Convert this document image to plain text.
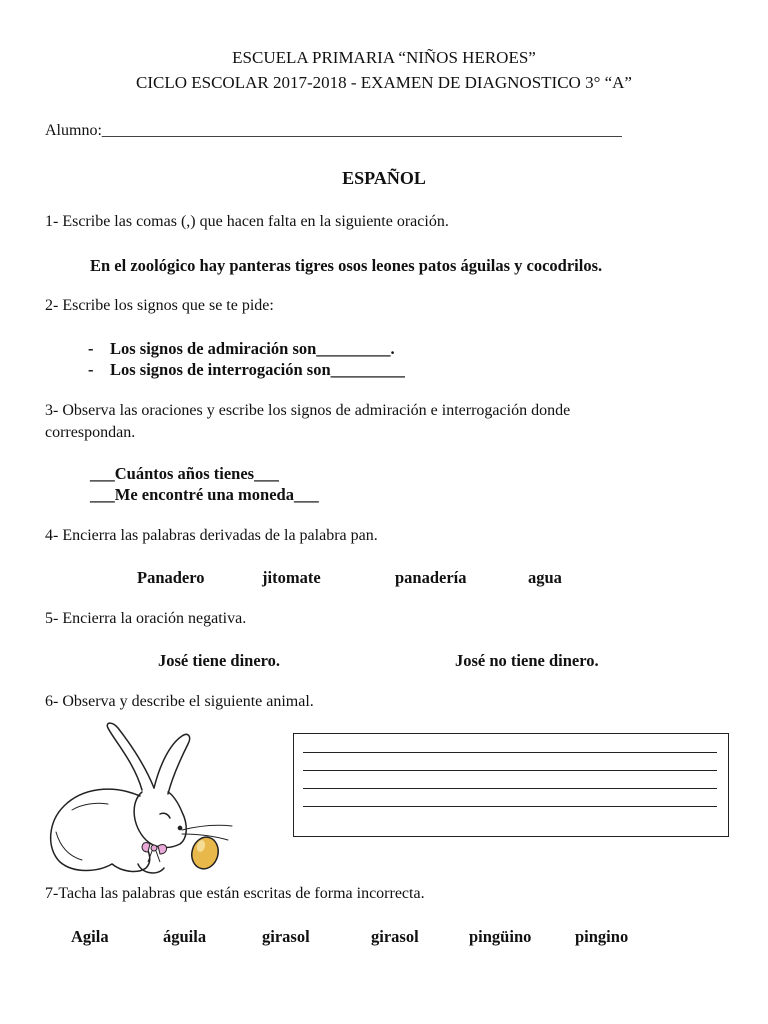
ESCUELA PRIMARIA “NIÑOS HEROES”
CICLO ESCOLAR 2017-2018 - EXAMEN DE DIAGNOSTICO 3° “A”
Alumno:_________________________________________________________________
ESPAÑOL
1- Escribe las comas (,) que hacen falta en la siguiente oración.
En el zoológico hay panteras tigres osos leones patos águilas y cocodrilos.
2- Escribe los signos que se te pide:
-    Los signos de admiración son_________.
-    Los signos de interrogación son_________
3- Observa las oraciones y escribe los signos de admiración e interrogación donde
correspondan.
___Cuántos años tienes___
___Me encontré una moneda___
4- Encierra las palabras derivadas de la palabra pan.
Panadero	jitomate	panadería	agua
5- Encierra la oración negativa.
José tiene dinero.	José no tiene dinero.
6- Observa y describe el siguiente animal.
7-Tacha las palabras que están escritas de forma incorrecta.
Agila	águila	girasol	girasol	pingüino	pingino
